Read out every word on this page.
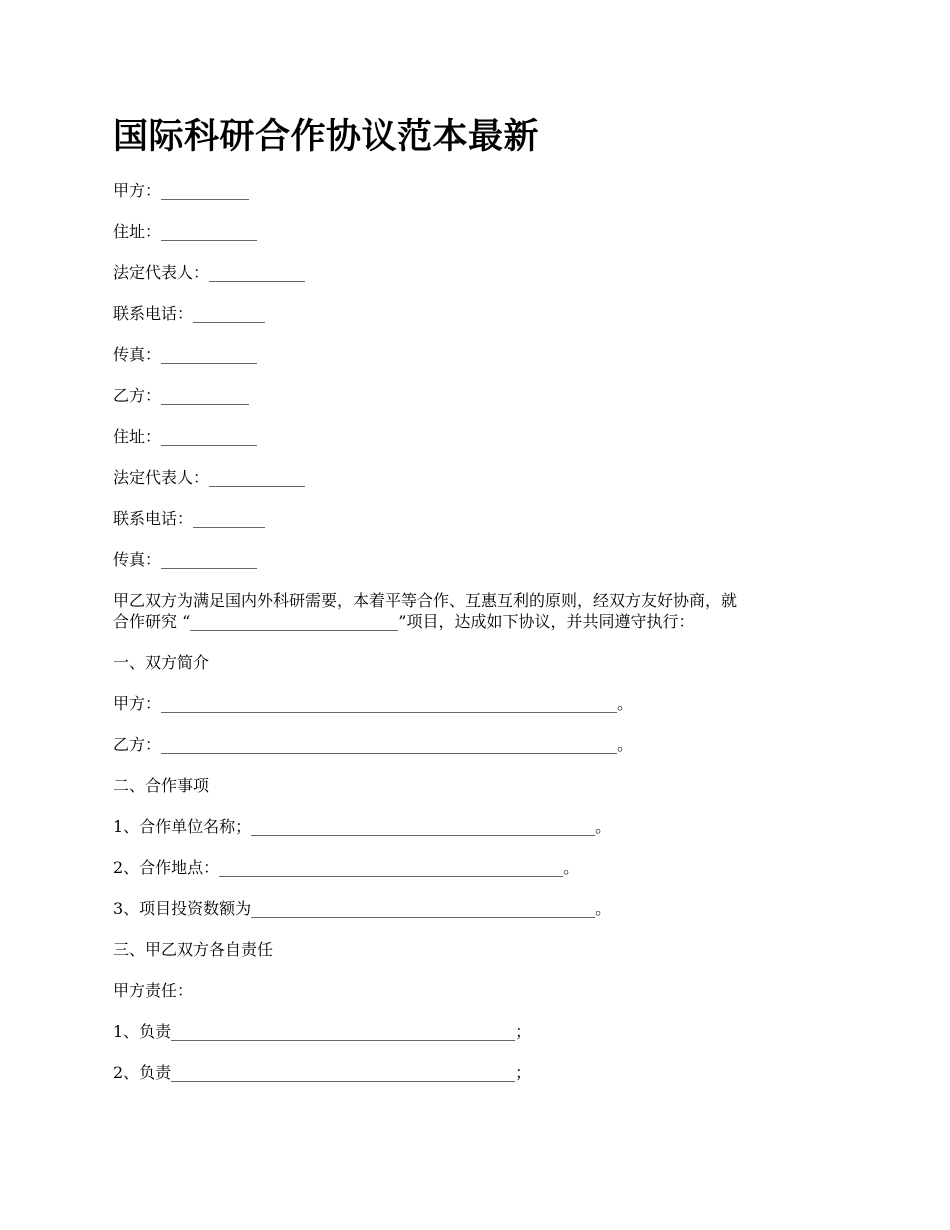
国际科研合作协议范本最新
甲方：___________
住址：____________
法定代表人：____________
联系电话：_________
传真：____________
乙方：___________
住址：____________
法定代表人：____________
联系电话：_________
传真：____________
甲乙双方为满足国内外科研需要，本着平等合作、互惠互利的原则，经双方友好协商，就
合作研究 “__________________________”项目，达成如下协议，并共同遵守执行：
一、双方简介
甲方：_________________________________________________________。
乙方：_________________________________________________________。
二、合作事项
1、合作单位名称；___________________________________________。
2、合作地点：___________________________________________。
3、项目投资数额为___________________________________________。
三、甲乙双方各自责任
甲方责任：
1、负责___________________________________________；
2、负责___________________________________________；
